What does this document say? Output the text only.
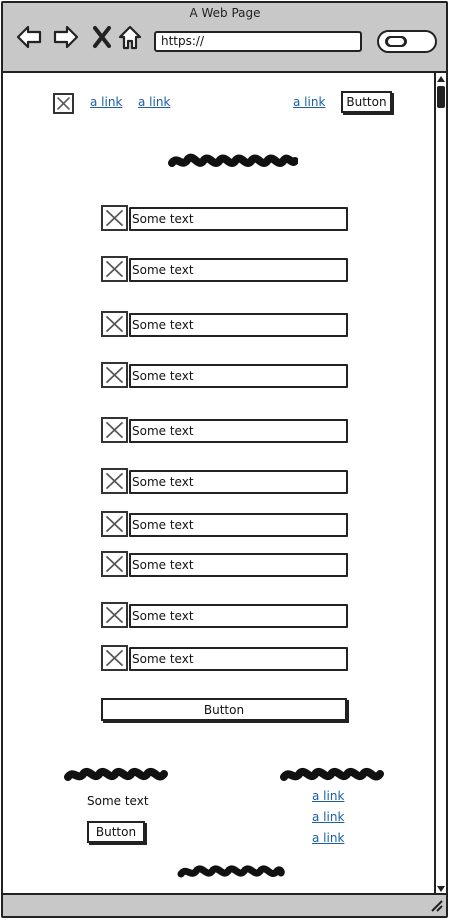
A Web Page
https://
a link a link	a link	Button
Some text
Some text
Some text
Some text
Some text
Some text
Some text
Some text
Some text
Some text
Button
Some text
Button
a link
a link
a link
